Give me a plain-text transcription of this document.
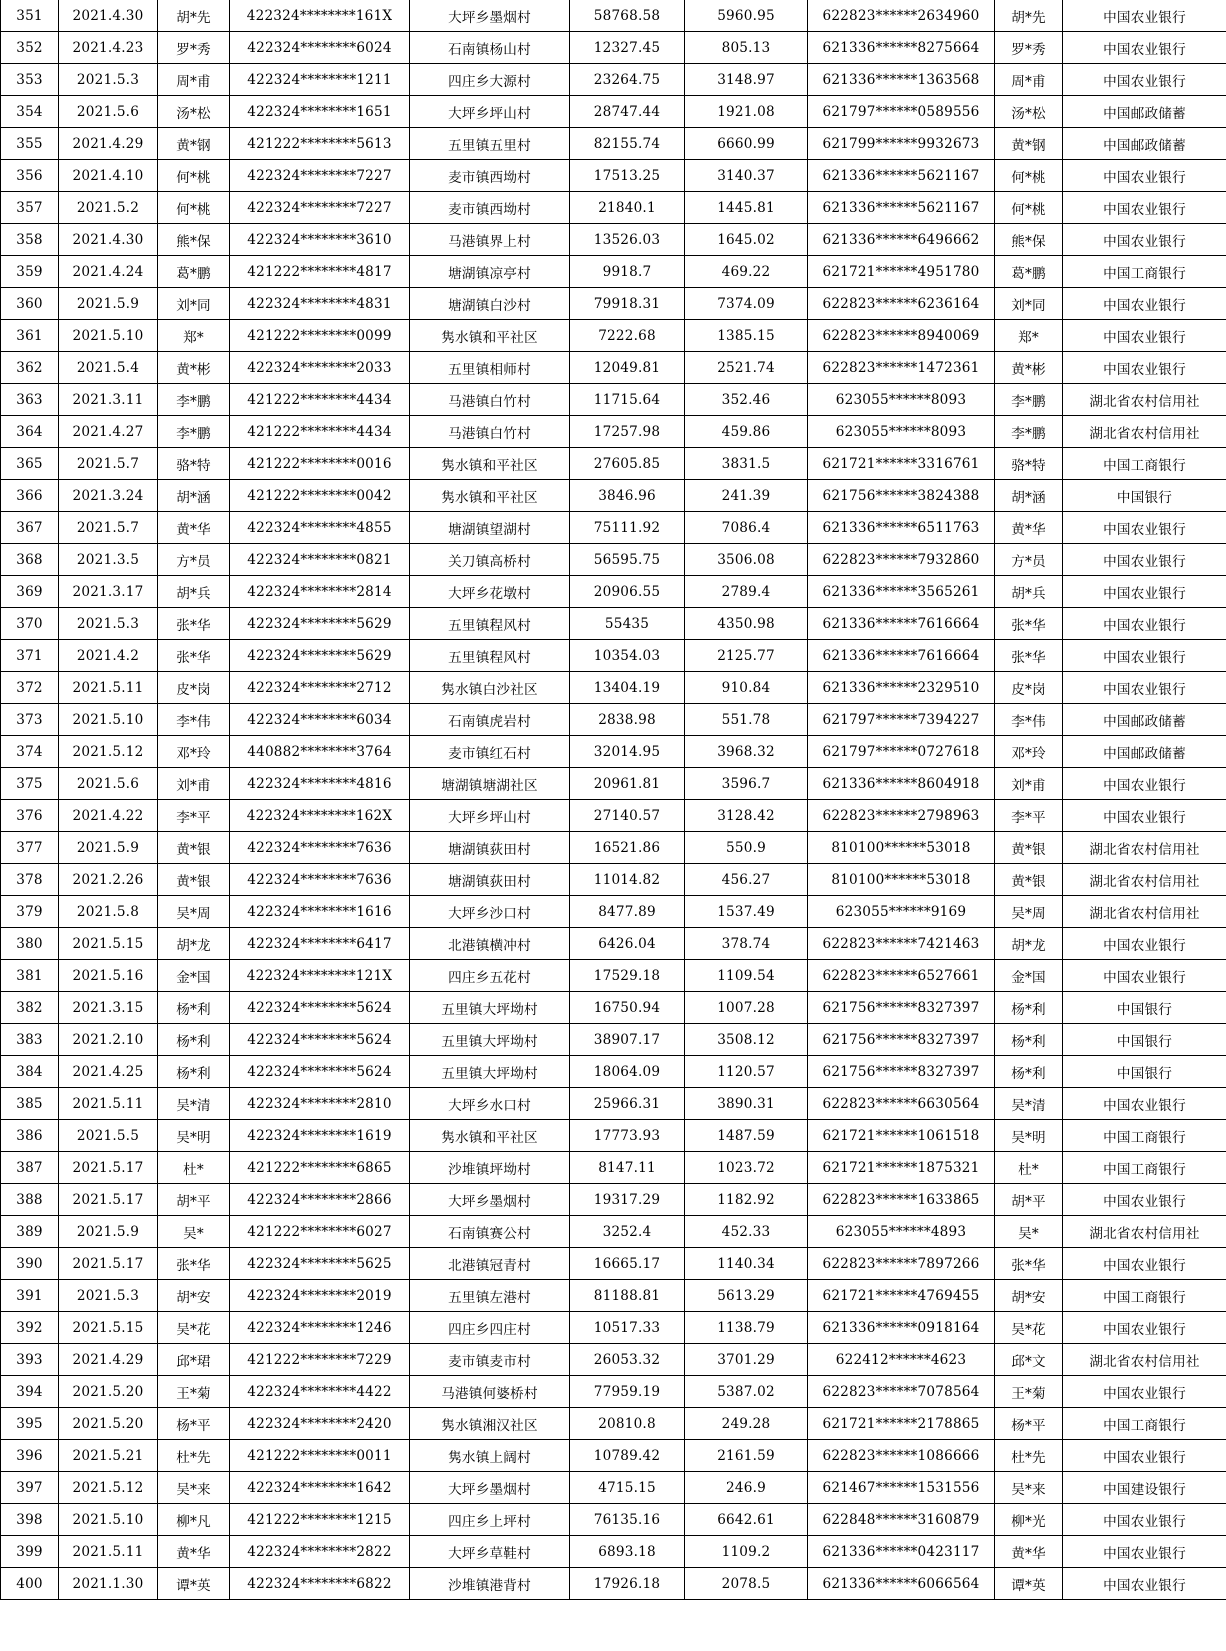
351	2021.4.30	胡*先	422324********161X	大坪乡墨烟村	58768.58	5960.95	622823******2634960	胡*先	中国农业银行
352	2021.4.23	罗*秀	422324********6024	石南镇杨山村	12327.45	805.13	621336******8275664	罗*秀	中国农业银行
353	2021.5.3	周*甫	422324********1211	四庄乡大源村	23264.75	3148.97	621336******1363568	周*甫	中国农业银行
354	2021.5.6	汤*松	422324********1651	大坪乡坪山村	28747.44	1921.08	621797******0589556	汤*松	中国邮政储蓄
355	2021.4.29	黄*钢	421222********5613	五里镇五里村	82155.74	6660.99	621799******9932673	黄*钢	中国邮政储蓄
356	2021.4.10	何*桃	422324********7227	麦市镇西坳村	17513.25	3140.37	621336******5621167	何*桃	中国农业银行
357	2021.5.2	何*桃	422324********7227	麦市镇西坳村	21840.1	1445.81	621336******5621167	何*桃	中国农业银行
358	2021.4.30	熊*保	422324********3610	马港镇界上村	13526.03	1645.02	621336******6496662	熊*保	中国农业银行
359	2021.4.24	葛*鹏	421222********4817	塘湖镇凉亭村	9918.7	469.22	621721******4951780	葛*鹏	中国工商银行
360	2021.5.9	刘*同	422324********4831	塘湖镇白沙村	79918.31	7374.09	622823******6236164	刘*同	中国农业银行
361	2021.5.10	郑*	421222********0099	隽水镇和平社区	7222.68	1385.15	622823******8940069	郑*	中国农业银行
362	2021.5.4	黄*彬	422324********2033	五里镇相师村	12049.81	2521.74	622823******1472361	黄*彬	中国农业银行
363	2021.3.11	李*鹏	421222********4434	马港镇白竹村	11715.64	352.46	623055******8093	李*鹏	湖北省农村信用社
364	2021.4.27	李*鹏	421222********4434	马港镇白竹村	17257.98	459.86	623055******8093	李*鹏	湖北省农村信用社
365	2021.5.7	骆*特	421222********0016	隽水镇和平社区	27605.85	3831.5	621721******3316761	骆*特	中国工商银行
366	2021.3.24	胡*涵	421222********0042	隽水镇和平社区	3846.96	241.39	621756******3824388	胡*涵	中国银行
367	2021.5.7	黄*华	422324********4855	塘湖镇望湖村	75111.92	7086.4	621336******6511763	黄*华	中国农业银行
368	2021.3.5	方*员	422324********0821	关刀镇高桥村	56595.75	3506.08	622823******7932860	方*员	中国农业银行
369	2021.3.17	胡*兵	422324********2814	大坪乡花墩村	20906.55	2789.4	621336******3565261	胡*兵	中国农业银行
370	2021.5.3	张*华	422324********5629	五里镇程风村	55435	4350.98	621336******7616664	张*华	中国农业银行
371	2021.4.2	张*华	422324********5629	五里镇程风村	10354.03	2125.77	621336******7616664	张*华	中国农业银行
372	2021.5.11	皮*岗	422324********2712	隽水镇白沙社区	13404.19	910.84	621336******2329510	皮*岗	中国农业银行
373	2021.5.10	李*伟	422324********6034	石南镇虎岩村	2838.98	551.78	621797******7394227	李*伟	中国邮政储蓄
374	2021.5.12	邓*玲	440882********3764	麦市镇红石村	32014.95	3968.32	621797******0727618	邓*玲	中国邮政储蓄
375	2021.5.6	刘*甫	422324********4816	塘湖镇塘湖社区	20961.81	3596.7	621336******8604918	刘*甫	中国农业银行
376	2021.4.22	李*平	422324********162X	大坪乡坪山村	27140.57	3128.42	622823******2798963	李*平	中国农业银行
377	2021.5.9	黄*银	422324********7636	塘湖镇荻田村	16521.86	550.9	810100******53018	黄*银	湖北省农村信用社
378	2021.2.26	黄*银	422324********7636	塘湖镇荻田村	11014.82	456.27	810100******53018	黄*银	湖北省农村信用社
379	2021.5.8	吴*周	422324********1616	大坪乡沙口村	8477.89	1537.49	623055******9169	吴*周	湖北省农村信用社
380	2021.5.15	胡*龙	422324********6417	北港镇横冲村	6426.04	378.74	622823******7421463	胡*龙	中国农业银行
381	2021.5.16	金*国	422324********121X	四庄乡五花村	17529.18	1109.54	622823******6527661	金*国	中国农业银行
382	2021.3.15	杨*利	422324********5624	五里镇大坪坳村	16750.94	1007.28	621756******8327397	杨*利	中国银行
383	2021.2.10	杨*利	422324********5624	五里镇大坪坳村	38907.17	3508.12	621756******8327397	杨*利	中国银行
384	2021.4.25	杨*利	422324********5624	五里镇大坪坳村	18064.09	1120.57	621756******8327397	杨*利	中国银行
385	2021.5.11	吴*清	422324********2810	大坪乡水口村	25966.31	3890.31	622823******6630564	吴*清	中国农业银行
386	2021.5.5	吴*明	422324********1619	隽水镇和平社区	17773.93	1487.59	621721******1061518	吴*明	中国工商银行
387	2021.5.17	杜*	421222********6865	沙堆镇坪坳村	8147.11	1023.72	621721******1875321	杜*	中国工商银行
388	2021.5.17	胡*平	422324********2866	大坪乡墨烟村	19317.29	1182.92	622823******1633865	胡*平	中国农业银行
389	2021.5.9	吴*	421222********6027	石南镇赛公村	3252.4	452.33	623055******4893	吴*	湖北省农村信用社
390	2021.5.17	张*华	422324********5625	北港镇冠青村	16665.17	1140.34	622823******7897266	张*华	中国农业银行
391	2021.5.3	胡*安	422324********2019	五里镇左港村	81188.81	5613.29	621721******4769455	胡*安	中国工商银行
392	2021.5.15	吴*花	422324********1246	四庄乡四庄村	10517.33	1138.79	621336******0918164	吴*花	中国农业银行
393	2021.4.29	邱*珺	421222********7229	麦市镇麦市村	26053.32	3701.29	622412******4623	邱*文	湖北省农村信用社
394	2021.5.20	王*菊	422324********4422	马港镇何婆桥村	77959.19	5387.02	622823******7078564	王*菊	中国农业银行
395	2021.5.20	杨*平	422324********2420	隽水镇湘汉社区	20810.8	249.28	621721******2178865	杨*平	中国工商银行
396	2021.5.21	杜*先	421222********0011	隽水镇上阔村	10789.42	2161.59	622823******1086666	杜*先	中国农业银行
397	2021.5.12	吴*来	422324********1642	大坪乡墨烟村	4715.15	246.9	621467******1531556	吴*来	中国建设银行
398	2021.5.10	柳*凡	421222********1215	四庄乡上坪村	76135.16	6642.61	622848******3160879	柳*光	中国农业银行
399	2021.5.11	黄*华	422324********2822	大坪乡草鞋村	6893.18	1109.2	621336******0423117	黄*华	中国农业银行
400	2021.1.30	谭*英	422324********6822	沙堆镇港背村	17926.18	2078.5	621336******6066564	谭*英	中国农业银行
